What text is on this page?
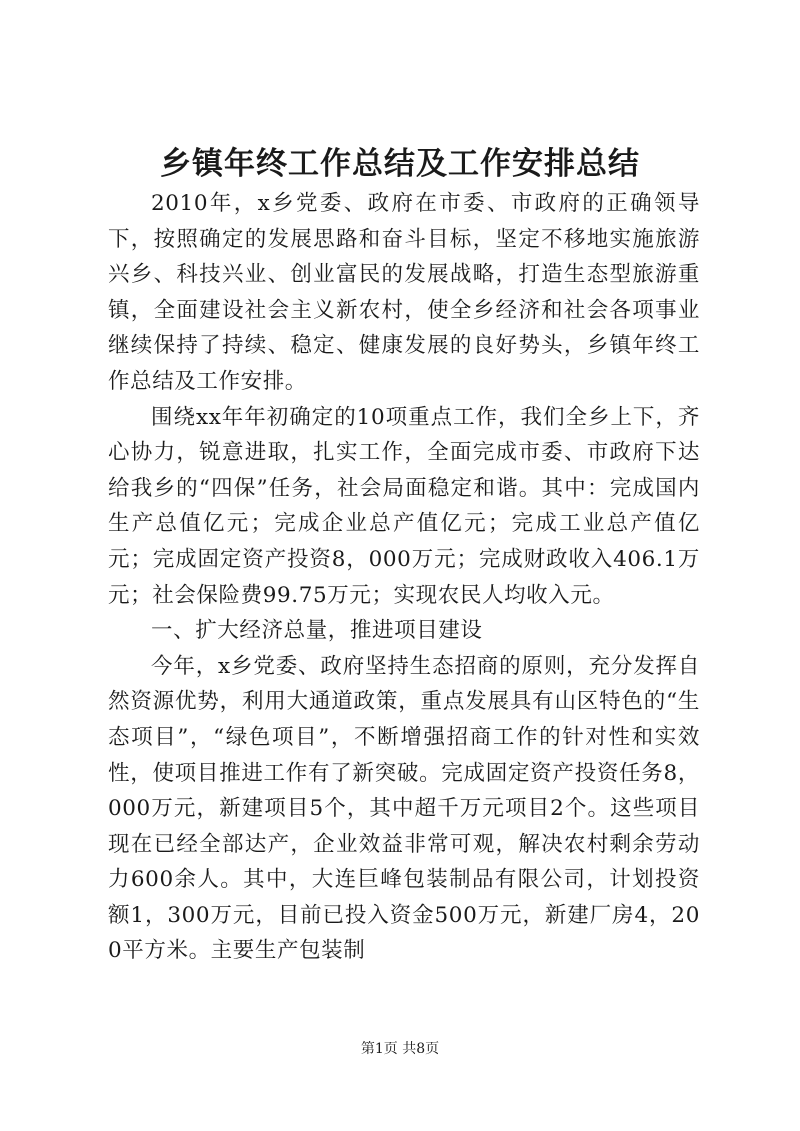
乡镇年终工作总结及工作安排总结

2010年，x乡党委、政府在市委、市政府的正确领导下，按照确定的发展思路和奋斗目标，坚定不移地实施旅游兴乡、科技兴业、创业富民的发展战略，打造生态型旅游重镇，全面建设社会主义新农村，使全乡经济和社会各项事业继续保持了持续、稳定、健康发展的良好势头，乡镇年终工作总结及工作安排。

围绕xx年年初确定的10项重点工作，我们全乡上下，齐心协力，锐意进取，扎实工作，全面完成市委、市政府下达给我乡的“四保”任务，社会局面稳定和谐。其中：完成国内生产总值亿元；完成企业总产值亿元；完成工业总产值亿元；完成固定资产投资8，000万元；完成财政收入406.1万元；社会保险费99.75万元；实现农民人均收入元。

一、扩大经济总量，推进项目建设

今年，x乡党委、政府坚持生态招商的原则，充分发挥自然资源优势，利用大通道政策，重点发展具有山区特色的“生态项目”，“绿色项目”，不断增强招商工作的针对性和实效性，使项目推进工作有了新突破。完成固定资产投资任务8，000万元，新建项目5个，其中超千万元项目2个。这些项目现在已经全部达产，企业效益非常可观，解决农村剩余劳动力600余人。其中，大连巨峰包装制品有限公司，计划投资额1，300万元，目前已投入资金500万元，新建厂房4，200平方米。主要生产包装制

第1页 共8页
